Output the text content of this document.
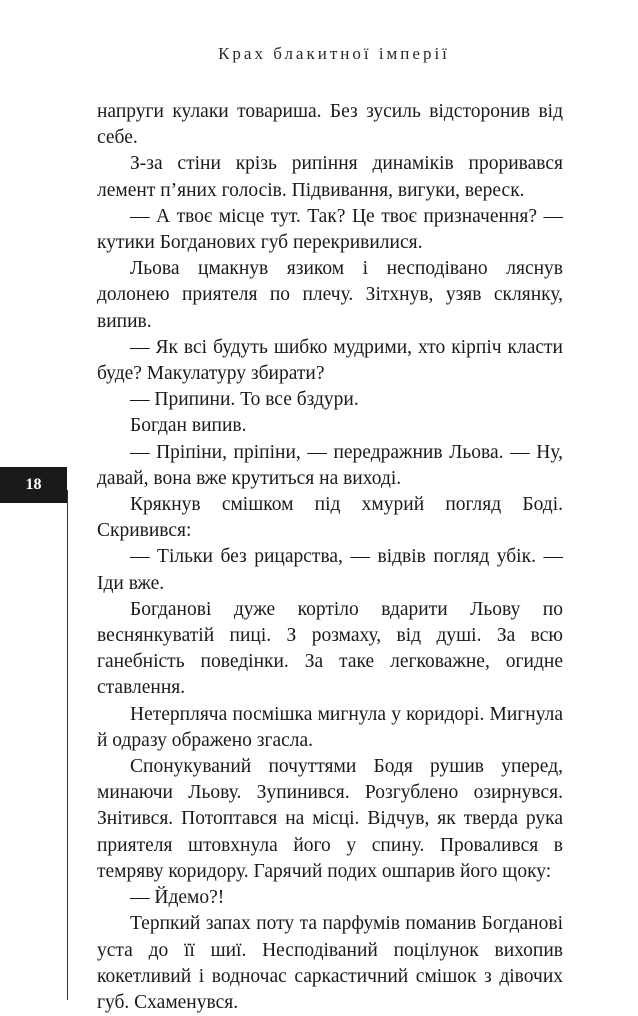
Крах блакитної імперії
18

напруги кулаки товариша. Без зусиль відсторонив від себе.

З-за стіни крізь рипіння динаміків проривався лемент п’яних голосів. Підвивання, вигуки, вереск.

— А твоє місце тут. Так? Це твоє призначення? — кутики Богданових губ перекривилися.

Льова цмакнув язиком і несподівано ляснув долонею приятеля по плечу. Зітхнув, узяв склянку, випив.

— Як всі будуть шибко мудрими, хто кірпіч класти буде? Макулатуру збирати?

— Припини. То все бздури.

Богдан випив.

— Пріпіни, пріпіни, — передражнив Льова. — Ну, давай, вона вже крутиться на виході.

Крякнув смішком під хмурий погляд Боді. Скривився:

— Тільки без рицарства, — відвів погляд убік. — Іди вже.

Богданові дуже кортіло вдарити Льову по веснянкуватій пиці. З розмаху, від душі. За всю ганебність поведінки. За таке легковажне, огидне ставлення.

Нетерпляча посмішка мигнула у коридорі. Мигнула й одразу ображено згасла.

Спонукуваний почуттями Бодя рушив уперед, минаючи Льову. Зупинився. Розгублено озирнувся. Знітився. Потоптався на місці. Відчув, як тверда рука приятеля штовхнула його у спину. Провалився в темряву коридору. Гарячий подих ошпарив його щоку:

— Йдемо?!

Терпкий запах поту та парфумів поманив Богданові уста до її шиї. Несподіваний поцілунок вихопив кокетливий і водночас саркастичний смішок з дівочих губ. Схаменувся.
